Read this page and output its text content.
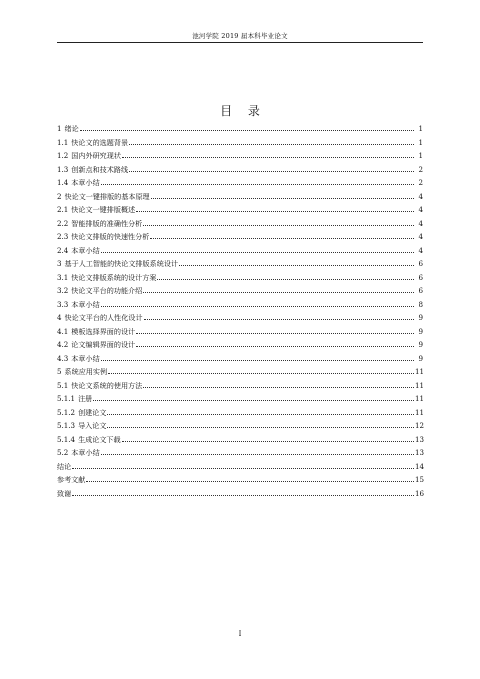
池河学院 2019 届本科毕业论文
目 录
1 绪论	1
1.1 快论文的选题背景	1
1.2 国内外研究现状	1
1.3 创新点和技术路线	2
1.4 本章小结	2
2 快论文一键排版的基本原理	4
2.1 快论文一键排版概述	4
2.2 智能排版的准确性分析	4
2.3 快论文排版的快速性分析	4
2.4 本章小结	4
3 基于人工智能的快论文排版系统设计	6
3.1 快论文排版系统的设计方案	6
3.2 快论文平台的功能介绍	6
3.3 本章小结	8
4 快论文平台的人性化设计	9
4.1 模板选择界面的设计	9
4.2 论文编辑界面的设计	9
4.3 本章小结	9
5 系统应用实例	11
5.1 快论文系统的使用方法	11
5.1.1 注册	11
5.1.2 创建论文	11
5.1.3 导入论文	12
5.1.4 生成论文下载	13
5.2 本章小结	13
结论	14
参考文献	15
致谢	16
I
